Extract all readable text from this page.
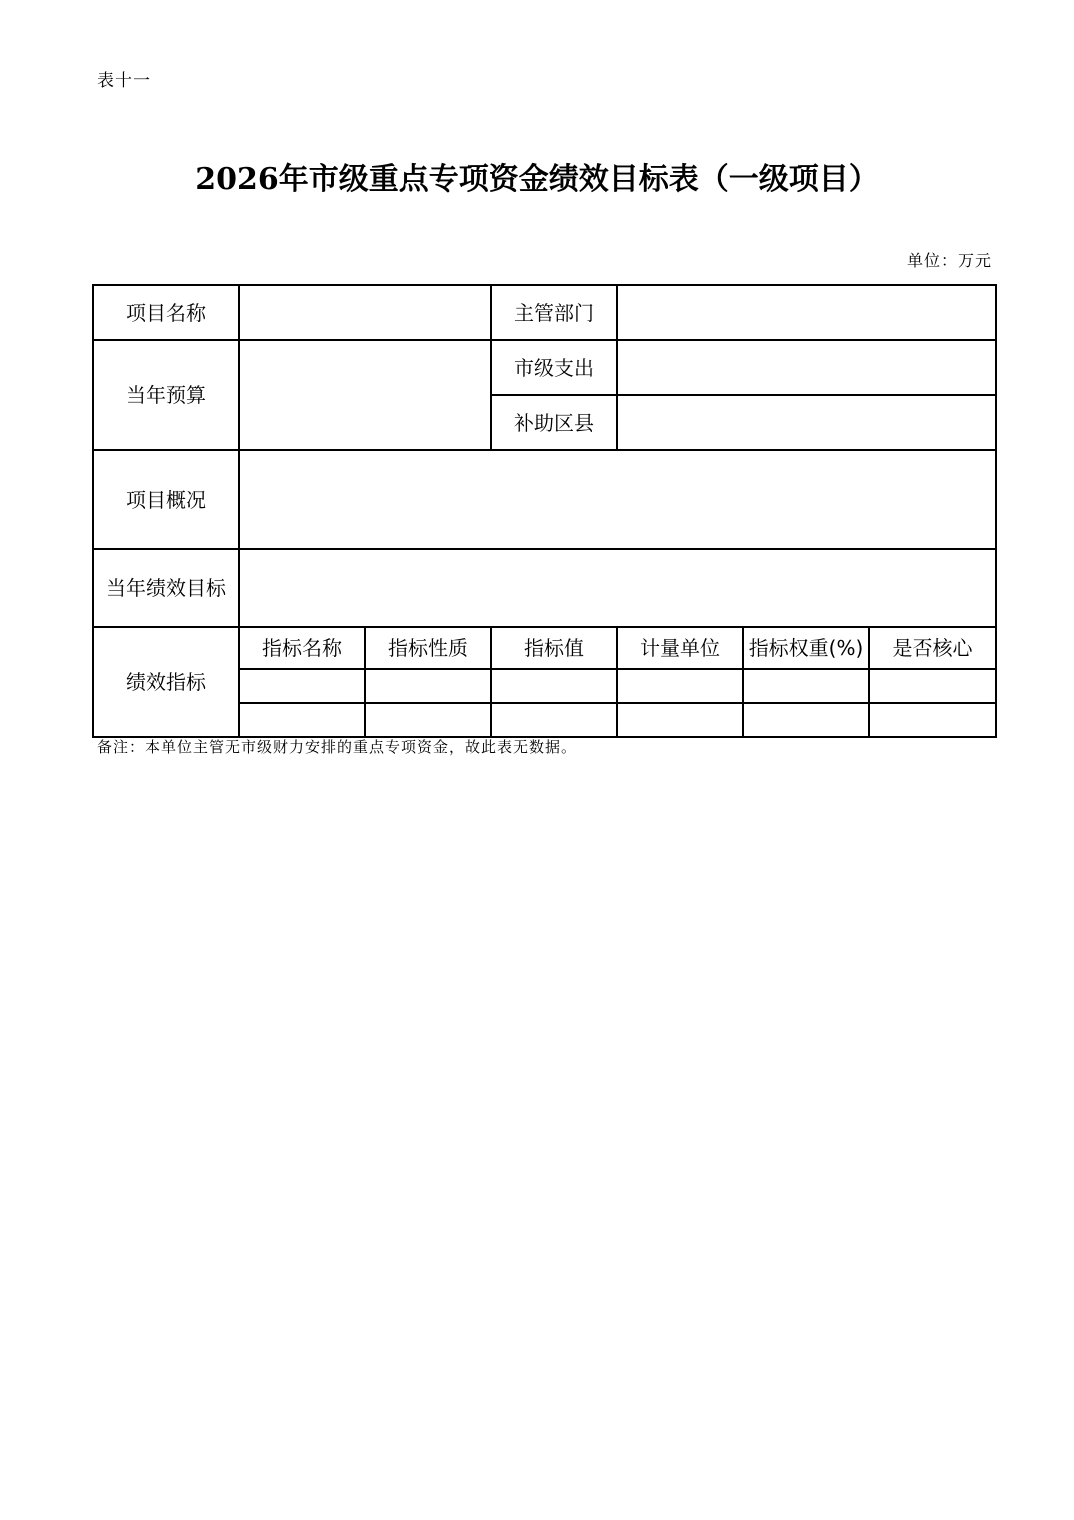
表十一
2026年市级重点专项资金绩效目标表（一级项目）
单位：万元
项目名称			主管部门			
当年预算			市级支出			
			补助区县			
项目概况						
当年绩效目标						
绩效指标	指标名称	指标性质	指标值	计量单位	指标权重(%)	是否核心

备注：本单位主管无市级财力安排的重点专项资金，故此表无数据。
